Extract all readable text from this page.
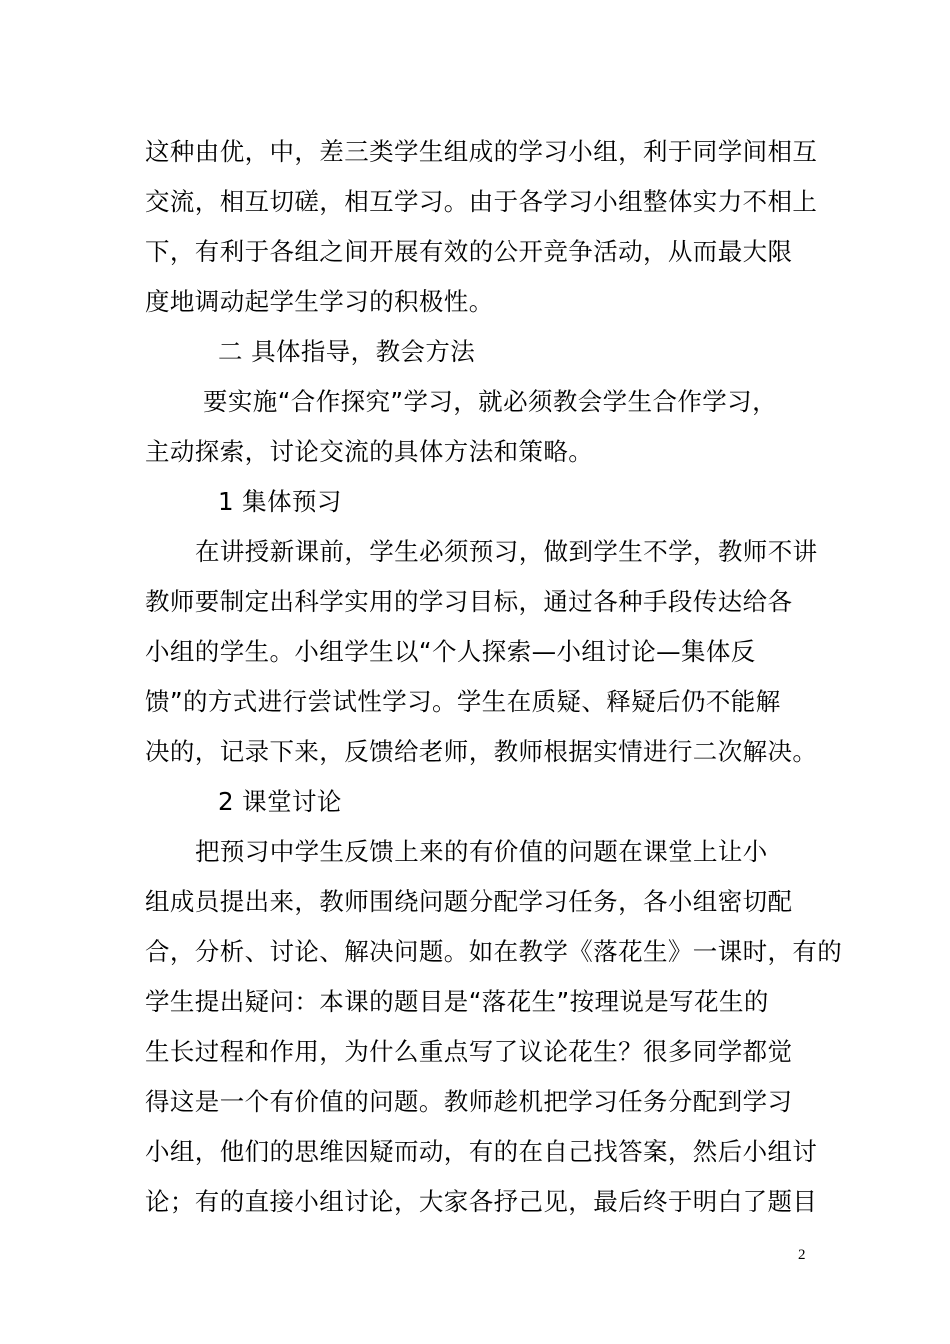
这种由优，中，差三类学生组成的学习小组，利于同学间相互
交流，相互切磋，相互学习。由于各学习小组整体实力不相上
下，有利于各组之间开展有效的公开竞争活动，从而最大限
度地调动起学生学习的积极性。
二 具体指导，教会方法
要实施“合作探究”学习，就必须教会学生合作学习，
主动探索，讨论交流的具体方法和策略。
1 集体预习
在讲授新课前，学生必须预习，做到学生不学，教师不讲
教师要制定出科学实用的学习目标，通过各种手段传达给各
小组的学生。小组学生以“个人探索—小组讨论—集体反
馈”的方式进行尝试性学习。学生在质疑、释疑后仍不能解
决的，记录下来，反馈给老师，教师根据实情进行二次解决。
2 课堂讨论
把预习中学生反馈上来的有价值的问题在课堂上让小
组成员提出来，教师围绕问题分配学习任务，各小组密切配
合，分析、讨论、解决问题。如在教学《落花生》一课时，有的
学生提出疑问：本课的题目是“落花生”按理说是写花生的
生长过程和作用，为什么重点写了议论花生？很多同学都觉
得这是一个有价值的问题。教师趁机把学习任务分配到学习
小组，他们的思维因疑而动，有的在自己找答案，然后小组讨
论；有的直接小组讨论，大家各抒己见，最后终于明白了题目
2
